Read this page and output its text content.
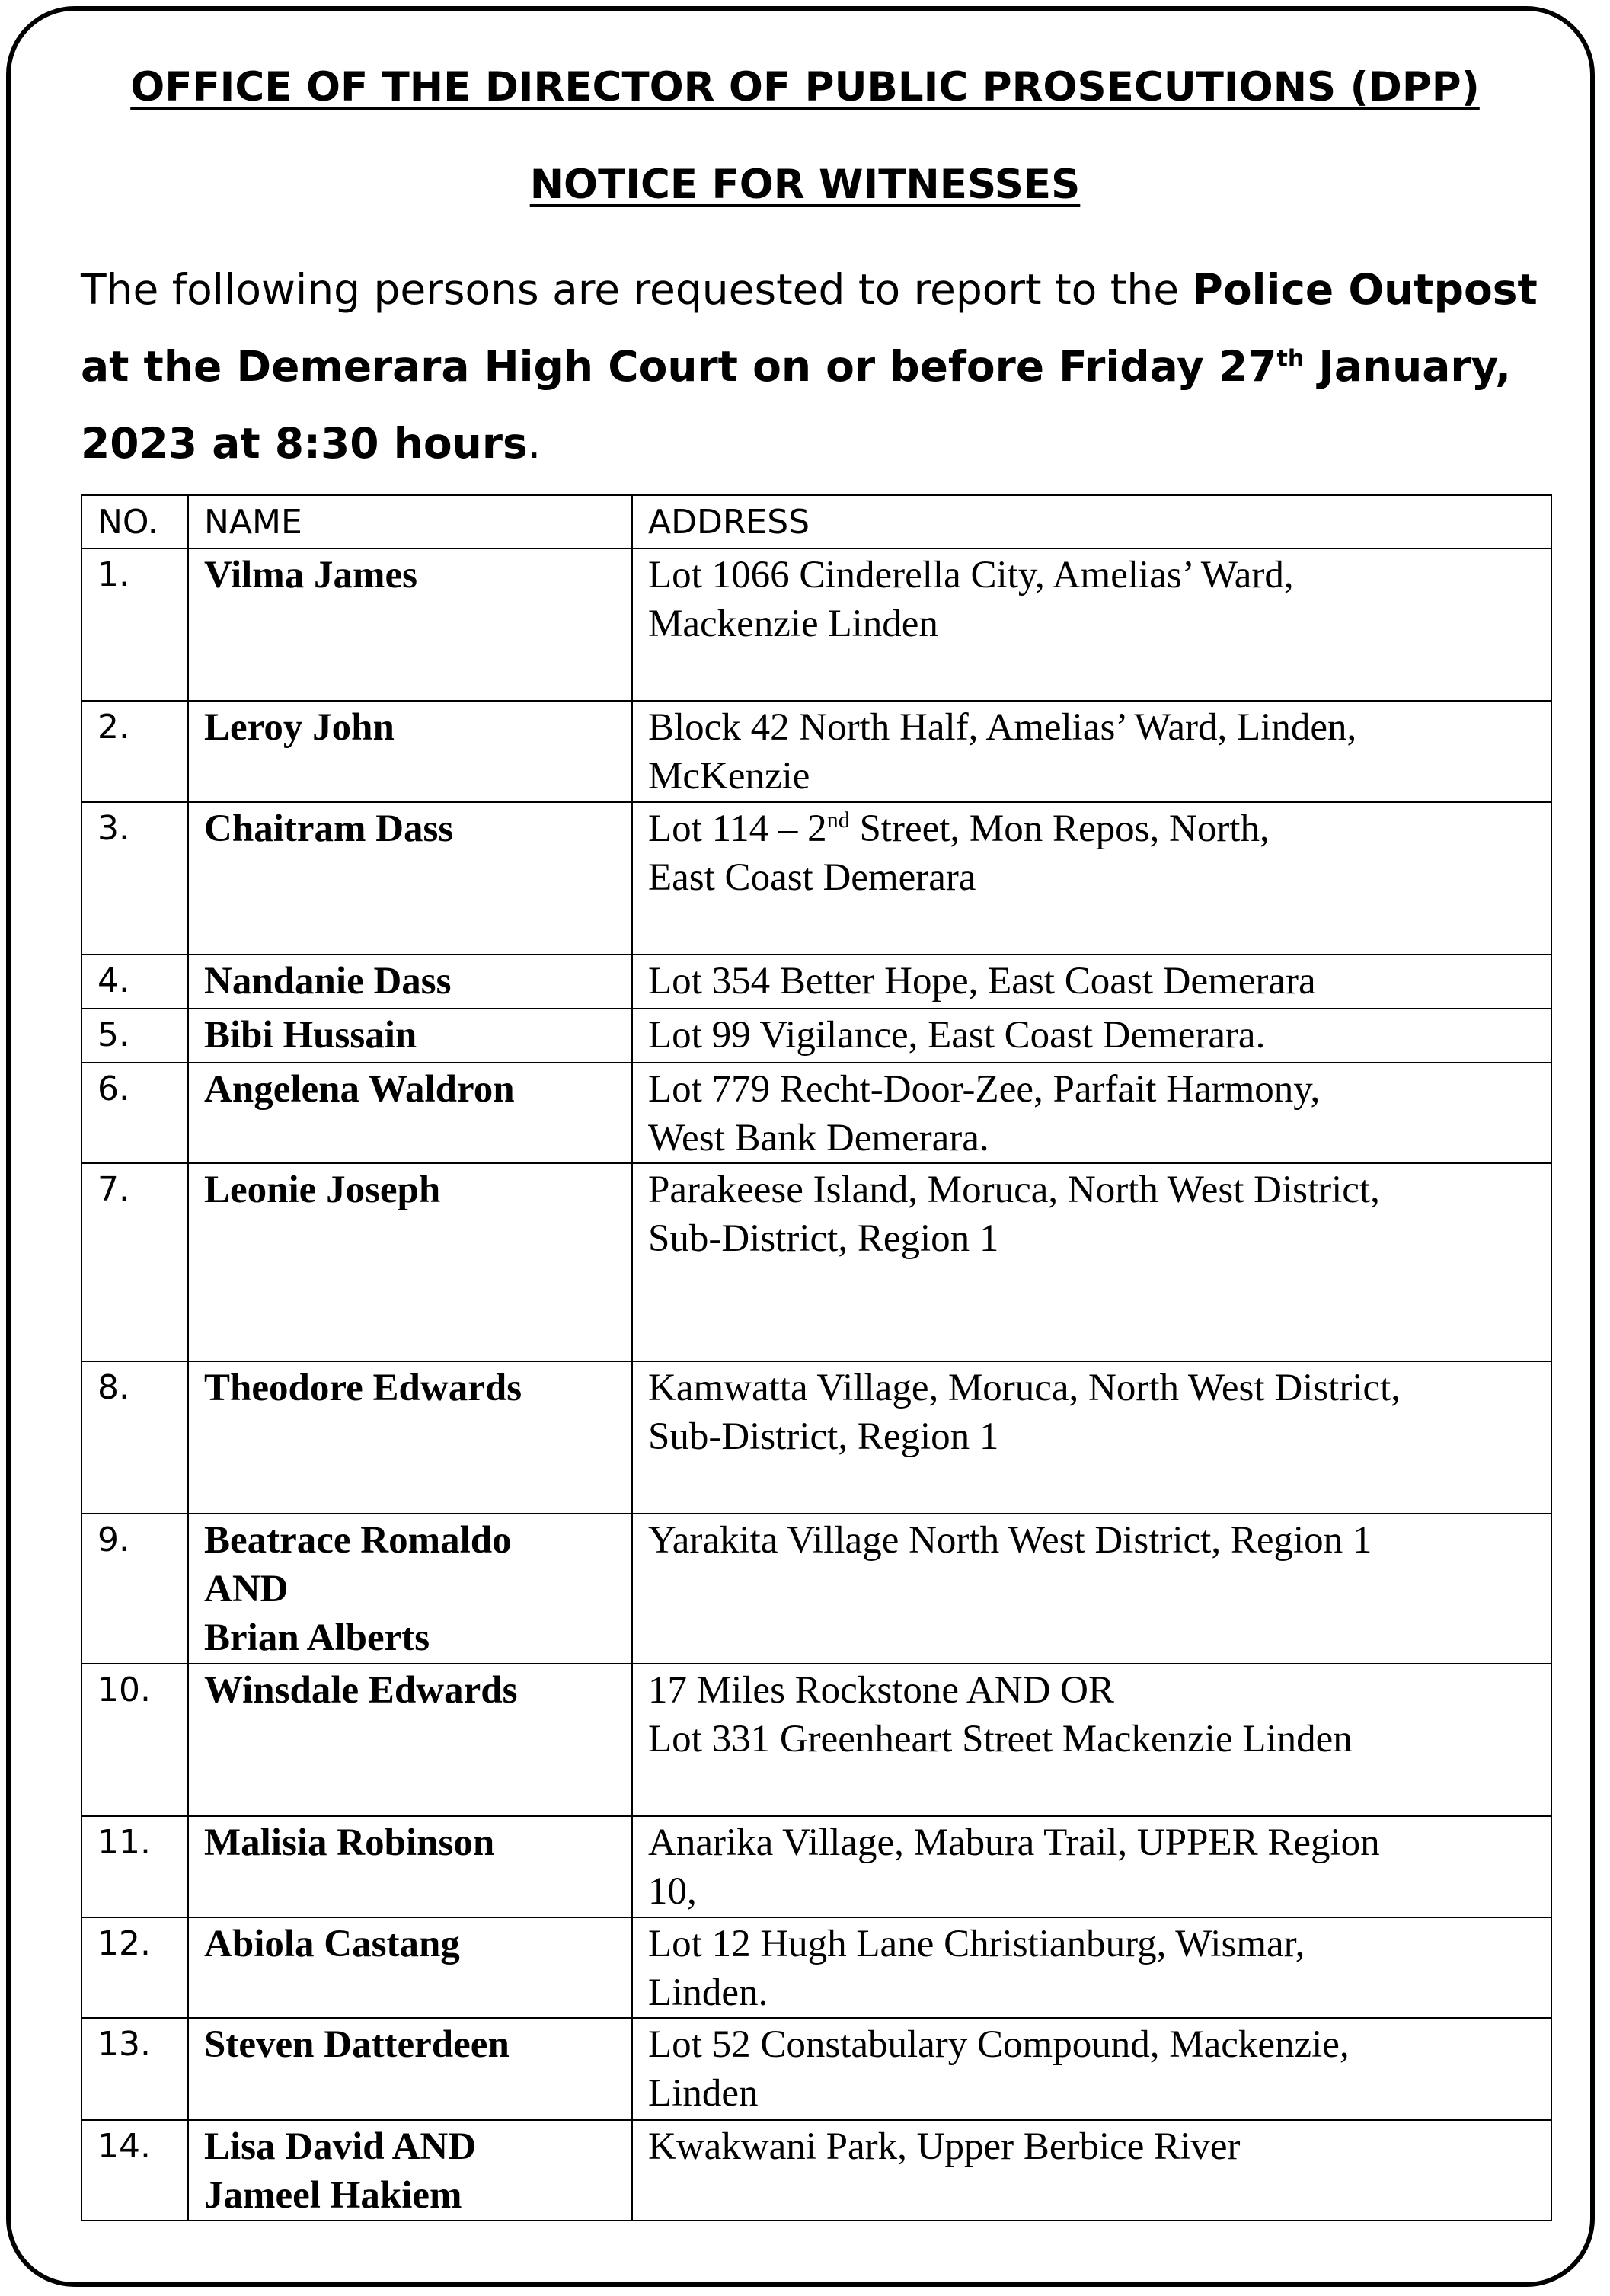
OFFICE OF THE DIRECTOR OF PUBLIC PROSECUTIONS (DPP)
NOTICE FOR WITNESSES

The following persons are requested to report to the Police Outpost at the Demerara High Court on or before Friday 27th January, 2023 at 8:30 hours.

NO.	NAME	ADDRESS
1.	Vilma James	Lot 1066 Cinderella City, Amelias’ Ward,
Mackenzie Linden

2.	Leroy John	Block 42 North Half, Amelias’ Ward, Linden,
McKenzie

3.	Chaitram Dass	Lot 114 – 2nd Street, Mon Repos, North,
East Coast Demerara

4.	Nandanie Dass	Lot 354 Better Hope, East Coast Demerara

5.	Bibi Hussain	Lot 99 Vigilance, East Coast Demerara.

6.	Angelena Waldron	Lot 779 Recht-Door-Zee, Parfait Harmony,
West Bank Demerara.

7.	Leonie Joseph	Parakeese Island, Moruca, North West District,
Sub-District, Region 1

8.	Theodore Edwards	Kamwatta Village, Moruca, North West District,
Sub-District, Region 1

9.	Beatrace Romaldo
AND
Brian Alberts	Yarakita Village North West District, Region 1

10.	Winsdale Edwards	17 Miles Rockstone AND OR
Lot 331 Greenheart Street Mackenzie Linden

11.	Malisia Robinson	Anarika Village, Mabura Trail, UPPER Region
10,

12.	Abiola Castang	Lot 12 Hugh Lane Christianburg, Wismar,
Linden.

13.	Steven Datterdeen	Lot 52 Constabulary Compound, Mackenzie,
Linden

14.	Lisa David AND
Jameel Hakiem	Kwakwani Park, Upper Berbice River
